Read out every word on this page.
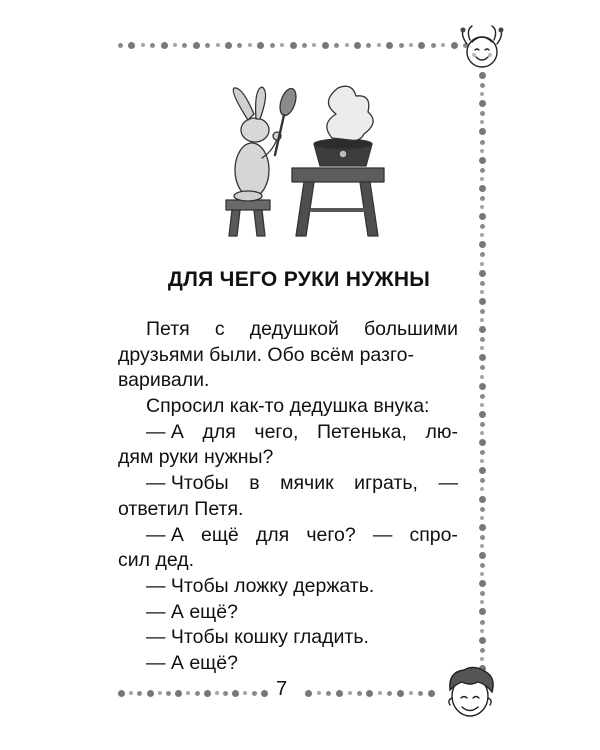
ДЛЯ ЧЕГО РУКИ НУЖНЫ
Петя с дедушкой большими
друзьями были. Обо всём разго-
варивали.
Спросил как-то дедушка внука:
— А для чего, Петенька, лю-
дям руки нужны?
— Чтобы в мячик играть, —
ответил Петя.
— А ещё для чего? — спро-
сил дед.
— Чтобы ложку держать.
— А ещё?
— Чтобы кошку гладить.
— А ещё?

7
